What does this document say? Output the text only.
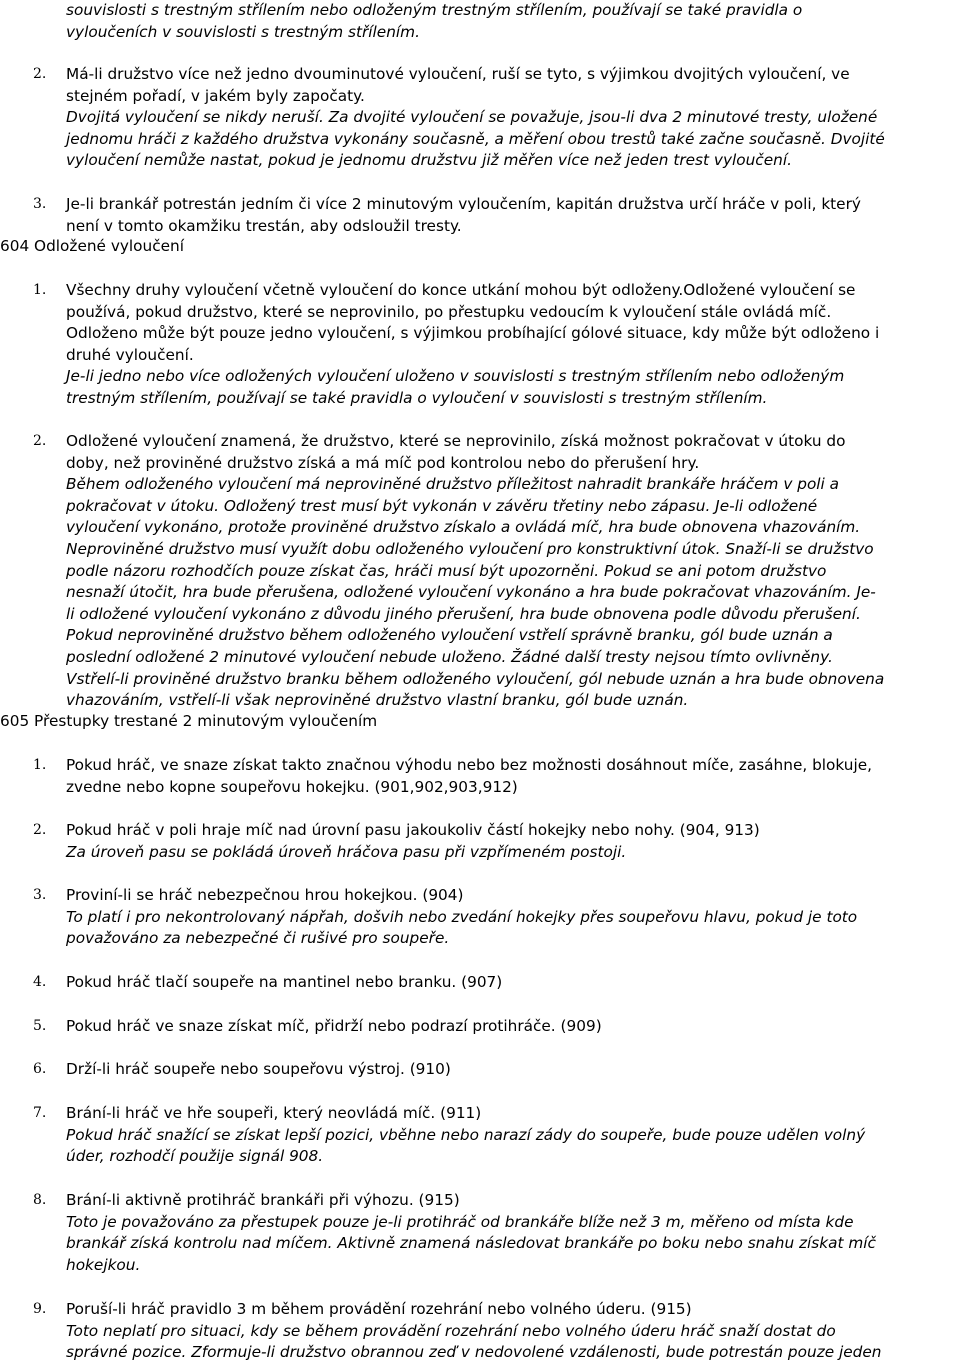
souvislosti s trestným střílením nebo odloženým trestným střílením, používají se také pravidla o
vyloučeních v souvislosti s trestným střílením.
2. Má-li družstvo více než jedno dvouminutové vyloučení, ruší se tyto, s výjimkou dvojitých vyloučení, ve
stejném pořadí, v jakém byly započaty.
Dvojitá vyloučení se nikdy neruší. Za dvojité vyloučení se považuje, jsou-li dva 2 minutové tresty, uložené
jednomu hráči z každého družstva vykonány současně, a měření obou trestů také začne současně. Dvojité
vyloučení nemůže nastat, pokud je jednomu družstvu již měřen více než jeden trest vyloučení.
3. Je-li brankář potrestán jedním či více 2 minutovým vyloučením, kapitán družstva určí hráče v poli, který
není v tomto okamžiku trestán, aby odsloužil tresty.
604 Odložené vyloučení
1. Všechny druhy vyloučení včetně vyloučení do konce utkání mohou být odloženy.Odložené vyloučení se
používá, pokud družstvo, které se neprovinilo, po přestupku vedoucím k vyloučení stále ovládá míč.
Odloženo může být pouze jedno vyloučení, s výjimkou probíhající gólové situace, kdy může být odloženo i
druhé vyloučení.
Je-li jedno nebo více odložených vyloučení uloženo v souvislosti s trestným střílením nebo odloženým
trestným střílením, používají se také pravidla o vyloučení v souvislosti s trestným střílením.
2. Odložené vyloučení znamená, že družstvo, které se neprovinilo, získá možnost pokračovat v útoku do
doby, než proviněné družstvo získá a má míč pod kontrolou nebo do přerušení hry.
Během odloženého vyloučení má neproviněné družstvo příležitost nahradit brankáře hráčem v poli a
pokračovat v útoku. Odložený trest musí být vykonán v závěru třetiny nebo zápasu. Je-li odložené
vyloučení vykonáno, protože proviněné družstvo získalo a ovládá míč, hra bude obnovena vhazováním.
Neproviněné družstvo musí využít dobu odloženého vyloučení pro konstruktivní útok. Snaží-li se družstvo
podle názoru rozhodčích pouze získat čas, hráči musí být upozorněni. Pokud se ani potom družstvo
nesnaží útočit, hra bude přerušena, odložené vyloučení vykonáno a hra bude pokračovat vhazováním. Je-
li odložené vyloučení vykonáno z důvodu jiného přerušení, hra bude obnovena podle důvodu přerušení.
Pokud neproviněné družstvo během odloženého vyloučení vstřelí správně branku, gól bude uznán a
poslední odložené 2 minutové vyloučení nebude uloženo. Žádné další tresty nejsou tímto ovlivněny.
Vstřelí-li proviněné družstvo branku během odloženého vyloučení, gól nebude uznán a hra bude obnovena
vhazováním, vstřelí-li však neproviněné družstvo vlastní branku, gól bude uznán.
605 Přestupky trestané 2 minutovým vyloučením
1. Pokud hráč, ve snaze získat takto značnou výhodu nebo bez možnosti dosáhnout míče, zasáhne, blokuje,
zvedne nebo kopne soupeřovu hokejku. (901,902,903,912)
2. Pokud hráč v poli hraje míč nad úrovní pasu jakoukoliv částí hokejky nebo nohy. (904, 913)
Za úroveň pasu se pokládá úroveň hráčova pasu při vzpřímeném postoji.
3. Proviní-li se hráč nebezpečnou hrou hokejkou. (904)
To platí i pro nekontrolovaný nápřah, došvih nebo zvedání hokejky přes soupeřovu hlavu, pokud je toto
považováno za nebezpečné či rušivé pro soupeře.
4. Pokud hráč tlačí soupeře na mantinel nebo branku. (907)
5. Pokud hráč ve snaze získat míč, přidrží nebo podrazí protihráče. (909)
6. Drží-li hráč soupeře nebo soupeřovu výstroj. (910)
7. Brání-li hráč ve hře soupeři, který neovládá míč. (911)
Pokud hráč snažící se získat lepší pozici, vběhne nebo narazí zády do soupeře, bude pouze udělen volný
úder, rozhodčí použije signál 908.
8. Brání-li aktivně protihráč brankáři při výhozu. (915)
Toto je považováno za přestupek pouze je-li protihráč od brankáře blíže než 3 m, měřeno od místa kde
brankář získá kontrolu nad míčem. Aktivně znamená následovat brankáře po boku nebo snahu získat míč
hokejkou.
9. Poruší-li hráč pravidlo 3 m během provádění rozehrání nebo volného úderu. (915)
Toto neplatí pro situaci, kdy se během provádění rozehrání nebo volného úderu hráč snaží dostat do
správné pozice. Zformuje-li družstvo obrannou zeď v nedovolené vzdálenosti, bude potrestán pouze jeden
